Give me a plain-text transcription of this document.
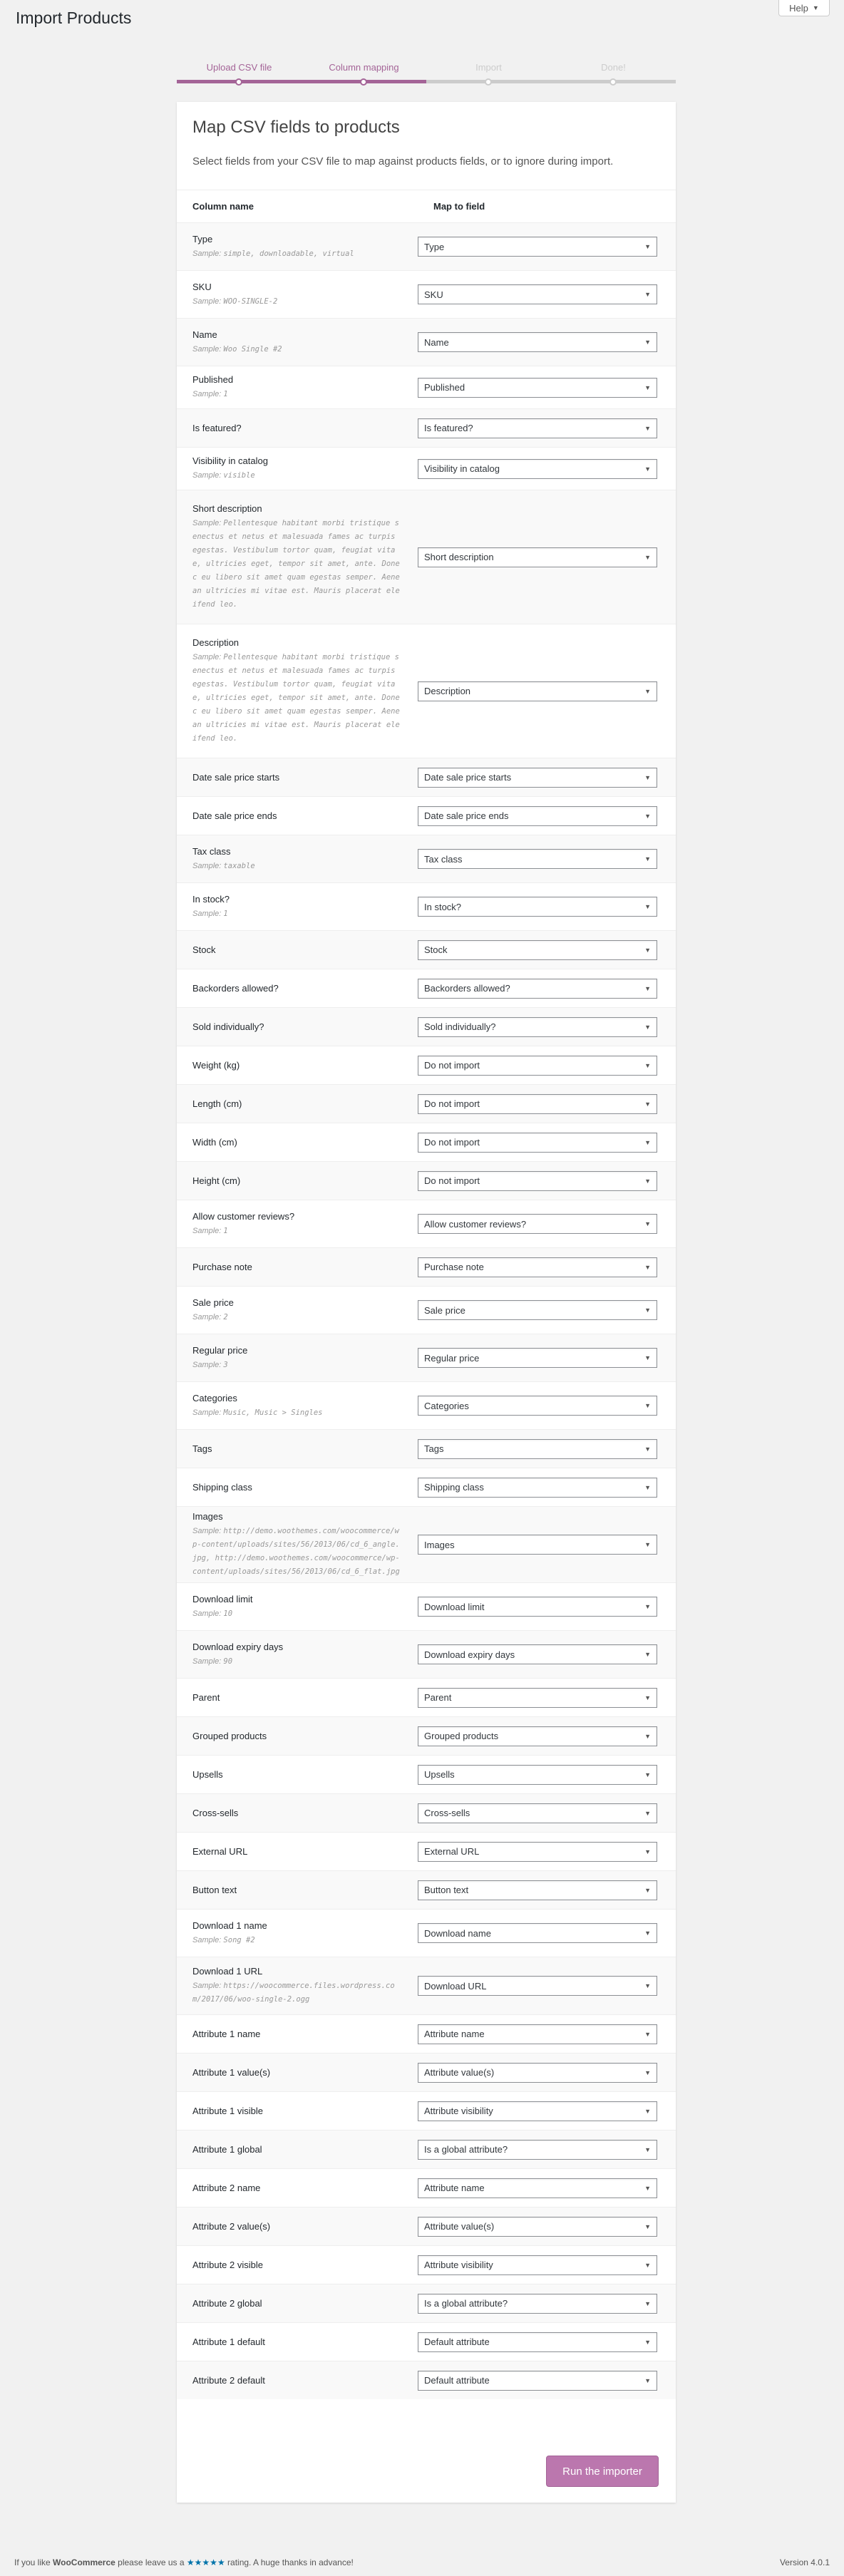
Import Products
Help ▼
Upload CSV file	Column mapping	Import	Done!
Map CSV fields to products

Select fields from your CSV file to map against products fields, or to ignore during import.

Column name	Map to field
Type
Sample: simple, downloadable, virtual
Type	▼
SKU
Sample: WOO-SINGLE-2
SKU	▼
Name
Sample: Woo Single #2
Name	▼
Published
Sample: 1
Published	▼
Is featured?	Is featured?	▼
Visibility in catalog
Sample: visible
Visibility in catalog	▼
Short description
Sample: Pellentesque habitant morbi tristique senectus et netus et malesuada fames ac turpis egestas. Vestibulum tortor quam, feugiat vitae, ultricies eget, tempor sit amet, ante. Donec eu libero sit amet quam egestas semper. Aenean ultricies mi vitae est. Mauris placerat eleifend leo.
Short description	▼
Description
Sample: Pellentesque habitant morbi tristique senectus et netus et malesuada fames ac turpis egestas. Vestibulum tortor quam, feugiat vitae, ultricies eget, tempor sit amet, ante. Donec eu libero sit amet quam egestas semper. Aenean ultricies mi vitae est. Mauris placerat eleifend leo.
Description	▼
Date sale price starts	Date sale price starts	▼
Date sale price ends	Date sale price ends	▼
Tax class
Sample: taxable
Tax class	▼
In stock?
Sample: 1
In stock?	▼
Stock	Stock	▼
Backorders allowed?	Backorders allowed?	▼
Sold individually?	Sold individually?	▼
Weight (kg)	Do not import	▼
Length (cm)	Do not import	▼
Width (cm)	Do not import	▼
Height (cm)	Do not import	▼
Allow customer reviews?
Sample: 1
Allow customer reviews?	▼
Purchase note	Purchase note	▼
Sale price
Sample: 2
Sale price	▼
Regular price
Sample: 3
Regular price	▼
Categories
Sample: Music, Music > Singles
Categories	▼
Tags	Tags	▼
Shipping class	Shipping class	▼
Images
Sample: http://demo.woothemes.com/woocommerce/wp-content/uploads/sites/56/2013/06/cd_6_angle.jpg, http://demo.woothemes.com/woocommerce/wp-content/uploads/sites/56/2013/06/cd_6_flat.jpg
Images	▼
Download limit
Sample: 10
Download limit	▼
Download expiry days
Sample: 90
Download expiry days	▼
Parent	Parent	▼
Grouped products	Grouped products	▼
Upsells	Upsells	▼
Cross-sells	Cross-sells	▼
External URL	External URL	▼
Button text	Button text	▼
Download 1 name
Sample: Song #2
Download name	▼
Download 1 URL
Sample: https://woocommerce.files.wordpress.com/2017/06/woo-single-2.ogg
Download URL	▼
Attribute 1 name	Attribute name	▼
Attribute 1 value(s)	Attribute value(s)	▼
Attribute 1 visible	Attribute visibility	▼
Attribute 1 global	Is a global attribute?	▼
Attribute 2 name	Attribute name	▼
Attribute 2 value(s)	Attribute value(s)	▼
Attribute 2 visible	Attribute visibility	▼
Attribute 2 global	Is a global attribute?	▼
Attribute 1 default	Default attribute	▼
Attribute 2 default	Default attribute	▼
Run the importer
If you like WooCommerce please leave us a ★★★★★ rating. A huge thanks in advance!	Version 4.0.1
